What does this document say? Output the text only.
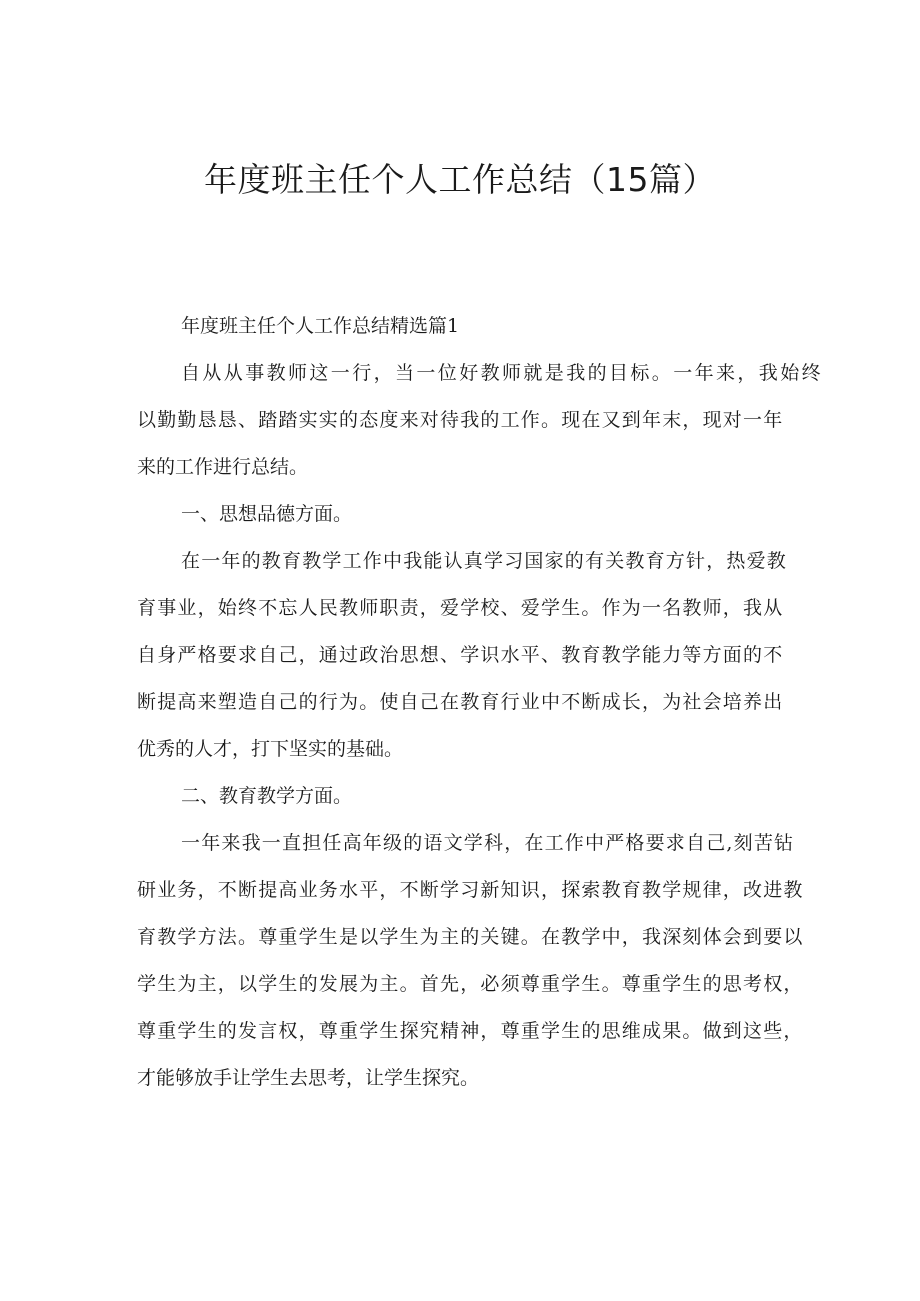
年度班主任个人工作总结（15篇）
年度班主任个人工作总结精选篇1
自从从事教师这一行，当一位好教师就是我的目标。一年来，我始终
以勤勤恳恳、踏踏实实的态度来对待我的工作。现在又到年末，现对一年
来的工作进行总结。
一、思想品德方面。
在一年的教育教学工作中我能认真学习国家的有关教育方针，热爱教
育事业，始终不忘人民教师职责，爱学校、爱学生。作为一名教师，我从
自身严格要求自己，通过政治思想、学识水平、教育教学能力等方面的不
断提高来塑造自己的行为。使自己在教育行业中不断成长，为社会培养出
优秀的人才，打下坚实的基础。
二、教育教学方面。
一年来我一直担任高年级的语文学科，在工作中严格要求自己,刻苦钻
研业务，不断提高业务水平，不断学习新知识，探索教育教学规律，改进教
育教学方法。尊重学生是以学生为主的关键。在教学中，我深刻体会到要以
学生为主，以学生的发展为主。首先，必须尊重学生。尊重学生的思考权，
尊重学生的发言权，尊重学生探究精神，尊重学生的思维成果。做到这些，
才能够放手让学生去思考，让学生探究。
